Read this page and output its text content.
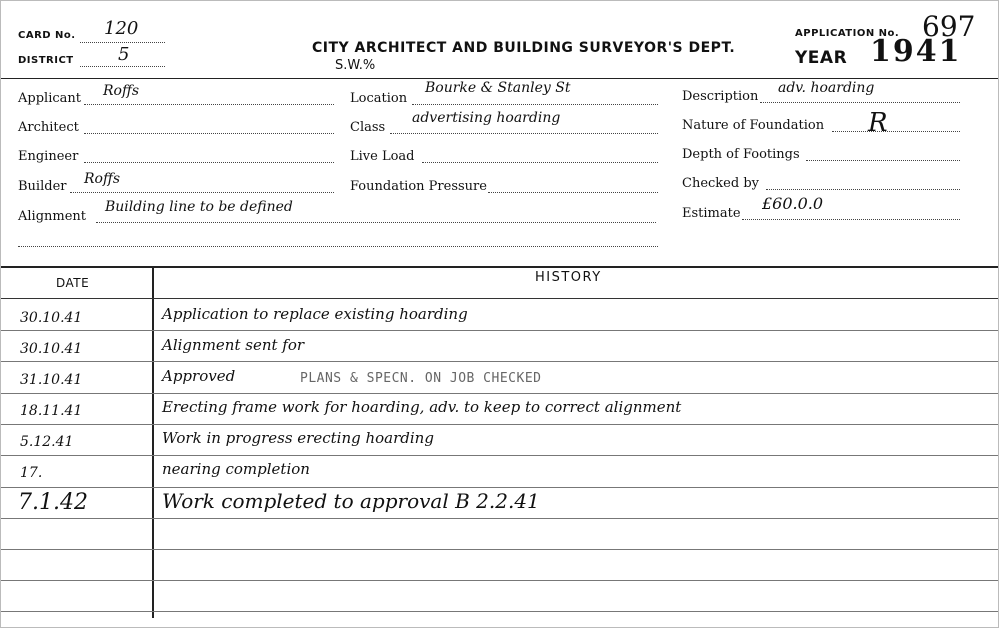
CARD No. 120
DISTRICT 5	CITY ARCHITECT AND BUILDING SURVEYOR'S DEPT.
S.W.%
APPLICATION No. 697
YEAR 1941
Applicant Roffs
Architect
Engineer
Builder Roffs
Alignment
Building line to be defined
Location
Bourke & Stanley St
Class
advertising hoarding
Live Load
Foundation Pressure
Description
adv. hoarding
Nature of Foundation R
Depth of Footings
Checked by
Estimate
£60.0.0
DATE	HISTORY
30.10.41	Application to replace existing hoarding
30.10.41	Alignment sent for
31.10.41	Approved	PLANS & SPECN. ON JOB CHECKED
18.11.41	Erecting frame work for hoarding, adv. to keep to correct alignment
5.12.41	Work in progress erecting hoarding
17.	nearing completion
7.1.42	Work completed to approval B 2.2.41
